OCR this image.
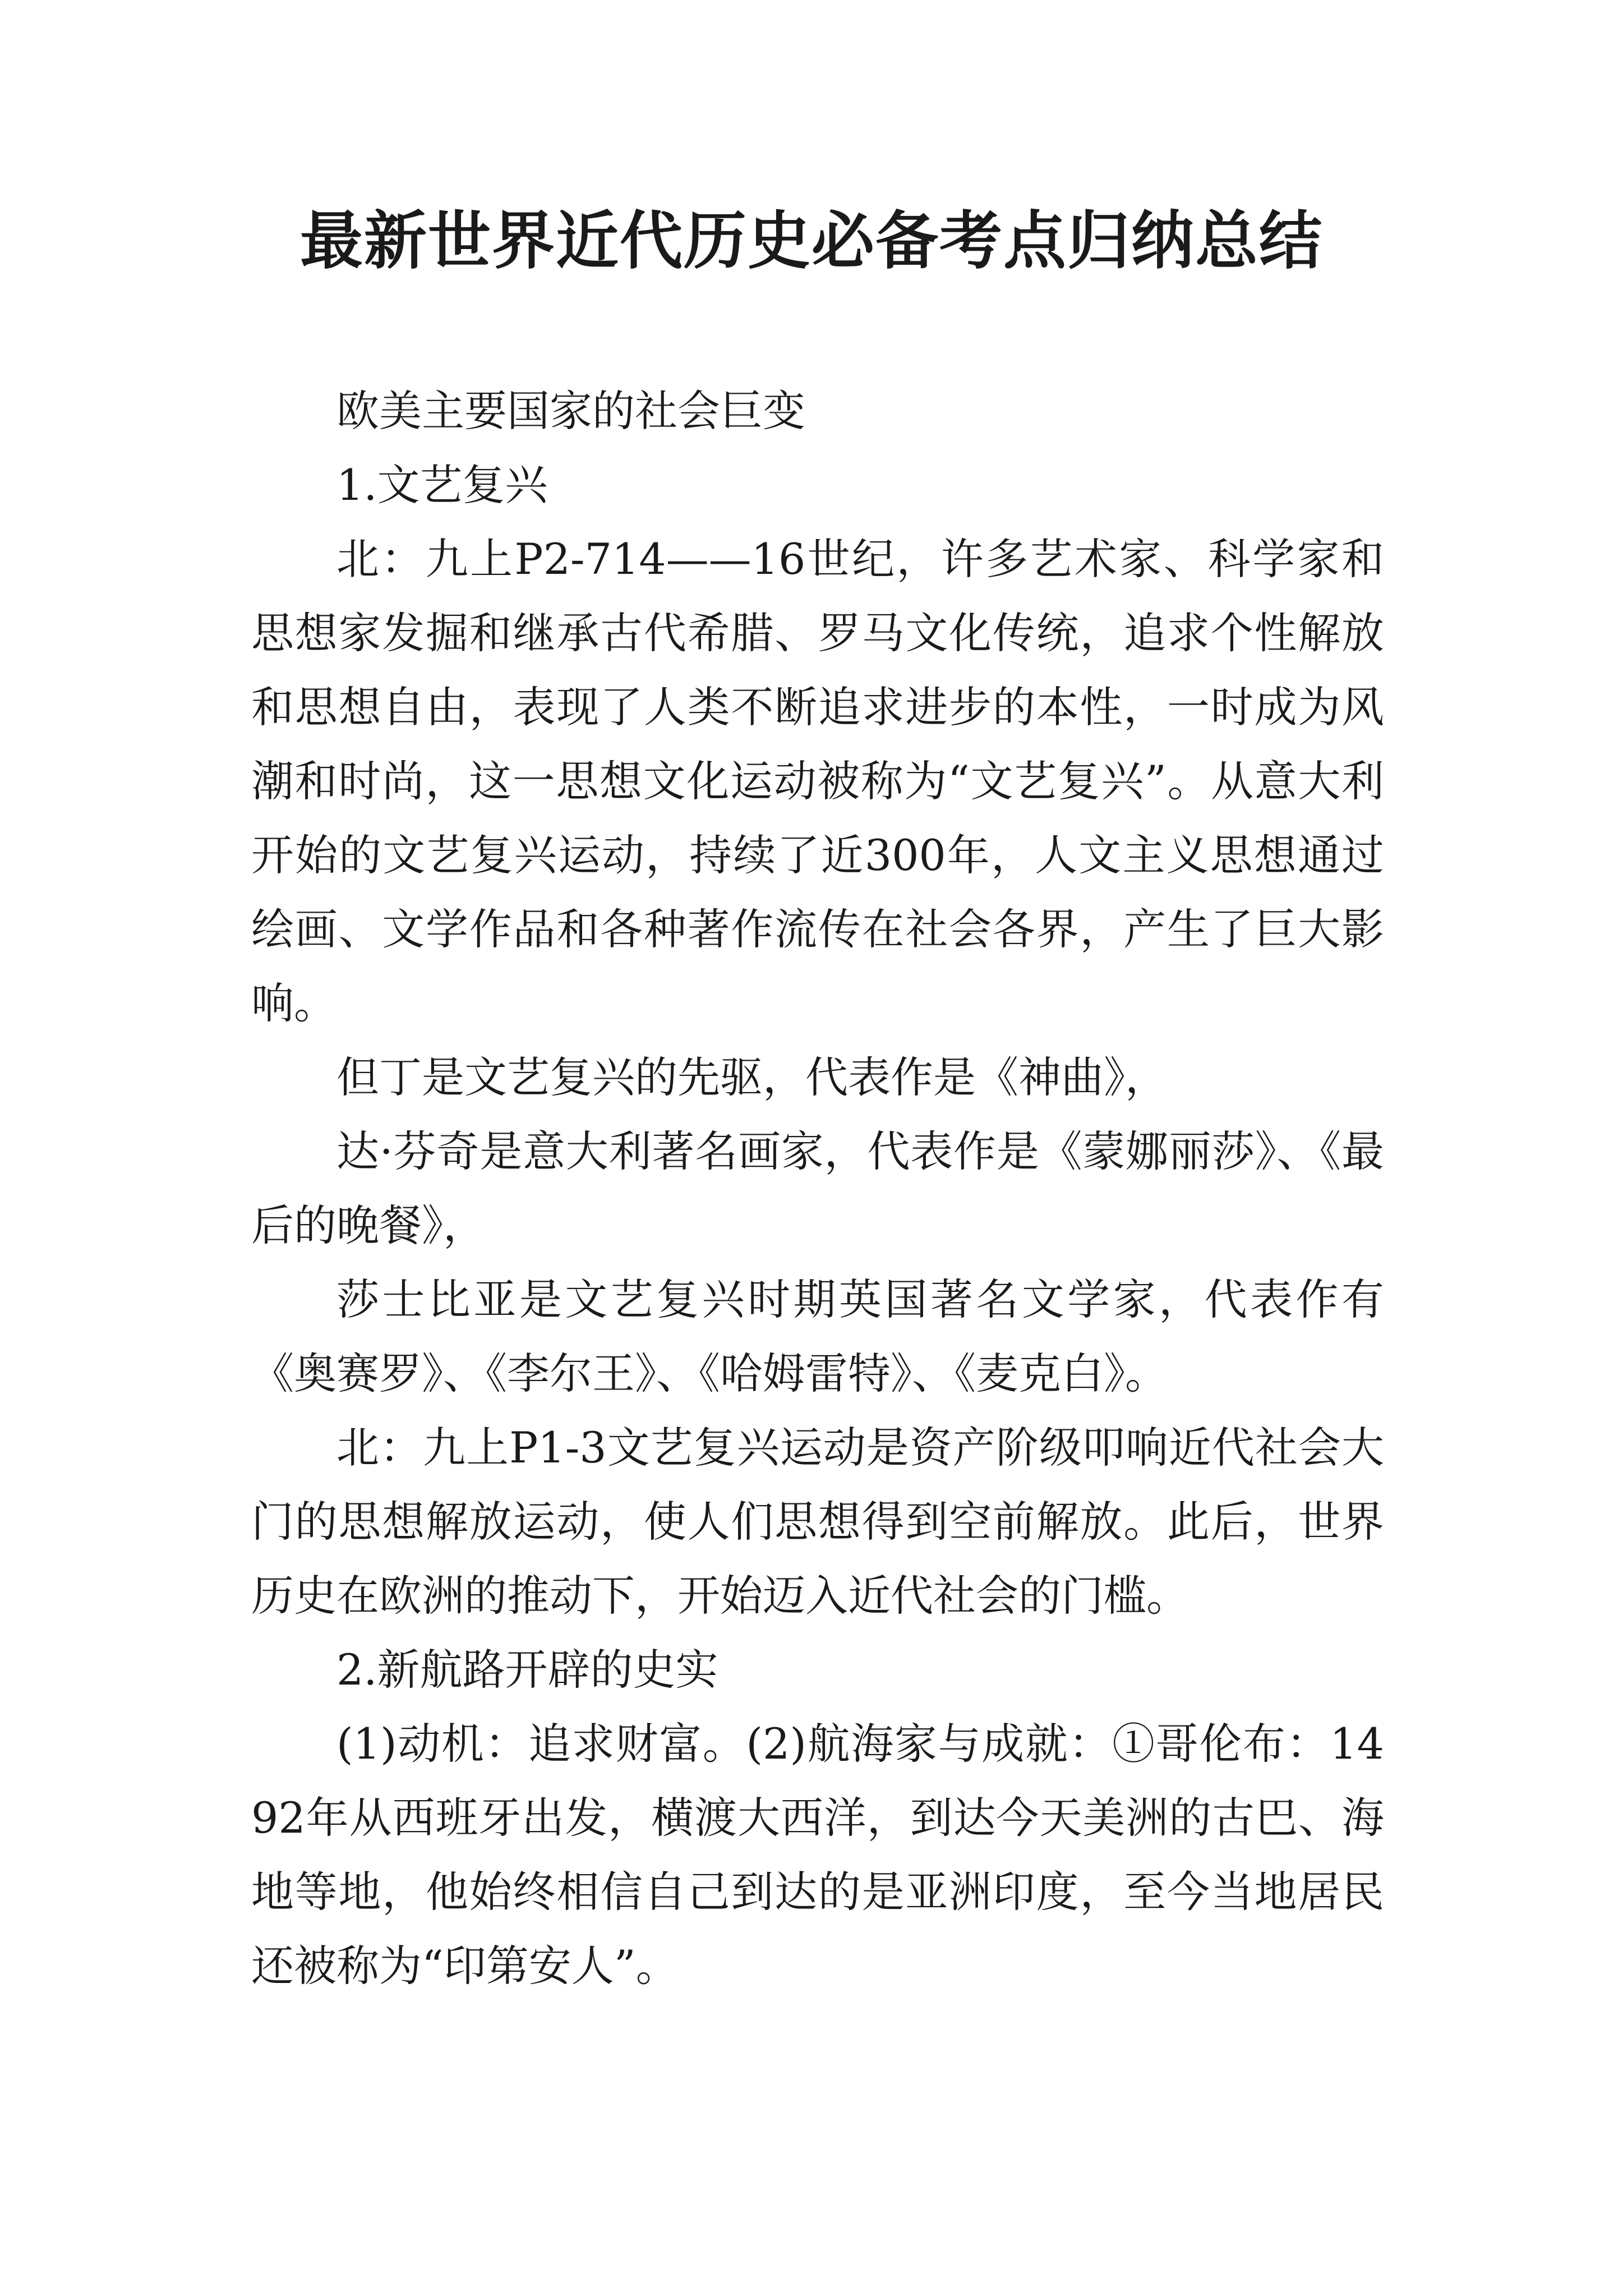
最新世界近代历史必备考点归纳总结

欧美主要国家的社会巨变

1.文艺复兴

北：九上P2-714——16世纪，许多艺术家、科学家和思想家发掘和继承古代希腊、罗马文化传统，追求个性解放和思想自由，表现了人类不断追求进步的本性，一时成为风潮和时尚，这一思想文化运动被称为“文艺复兴”。从意大利开始的文艺复兴运动，持续了近300年，人文主义思想通过绘画、文学作品和各种著作流传在社会各界，产生了巨大影响。

但丁是文艺复兴的先驱，代表作是《神曲》，

达·芬奇是意大利著名画家，代表作是《蒙娜丽莎》、《最后的晚餐》，

莎士比亚是文艺复兴时期英国著名文学家，代表作有《奥赛罗》、《李尔王》、《哈姆雷特》、《麦克白》。

北：九上P1-3文艺复兴运动是资产阶级叩响近代社会大门的思想解放运动，使人们思想得到空前解放。此后，世界历史在欧洲的推动下，开始迈入近代社会的门槛。

2.新航路开辟的史实

(1)动机：追求财富。(2)航海家与成就：①哥伦布：1492年从西班牙出发，横渡大西洋，到达今天美洲的古巴、海地等地，他始终相信自己到达的是亚洲印度，至今当地居民还被称为“印第安人”。
